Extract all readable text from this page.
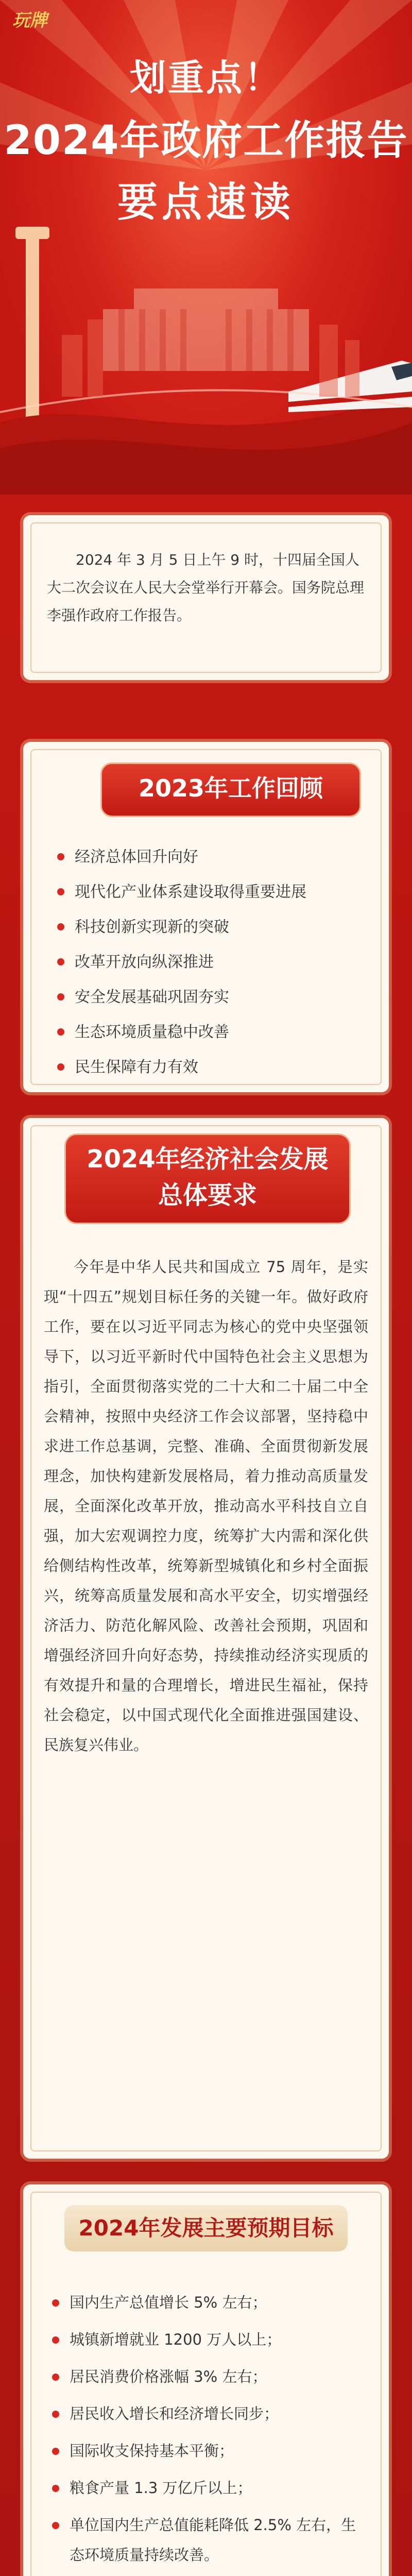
玩牌
划重点！
2024年政府工作报告
要点速读

2024 年 3 月 5 日上午 9 时，十四届全国人大二次会议在人民大会堂举行开幕会。国务院总理李强作政府工作报告。

2023年工作回顾
经济总体回升向好
现代化产业体系建设取得重要进展
科技创新实现新的突破
改革开放向纵深推进
安全发展基础巩固夯实
生态环境质量稳中改善
民生保障有力有效
2024年经济社会发展
总体要求

今年是中华人民共和国成立 75 周年，是实现“十四五”规划目标任务的关键一年。做好政府工作，要在以习近平同志为核心的党中央坚强领导下，以习近平新时代中国特色社会主义思想为指引，全面贯彻落实党的二十大和二十届二中全会精神，按照中央经济工作会议部署，坚持稳中求进工作总基调，完整、准确、全面贯彻新发展理念，加快构建新发展格局，着力推动高质量发展，全面深化改革开放，推动高水平科技自立自强，加大宏观调控力度，统筹扩大内需和深化供给侧结构性改革，统筹新型城镇化和乡村全面振兴，统筹高质量发展和高水平安全，切实增强经济活力、防范化解风险、改善社会预期，巩固和增强经济回升向好态势，持续推动经济实现质的有效提升和量的合理增长，增进民生福祉，保持社会稳定，以中国式现代化全面推进强国建设、民族复兴伟业。

2024年发展主要预期目标
国内生产总值增长 5% 左右；
城镇新增就业 1200 万人以上；
居民消费价格涨幅 3% 左右；
居民收入增长和经济增长同步；
国际收支保持基本平衡；
粮食产量 1.3 万亿斤以上；
单位国内生产总值能耗降低 2.5% 左右，生态环境质量持续改善。
